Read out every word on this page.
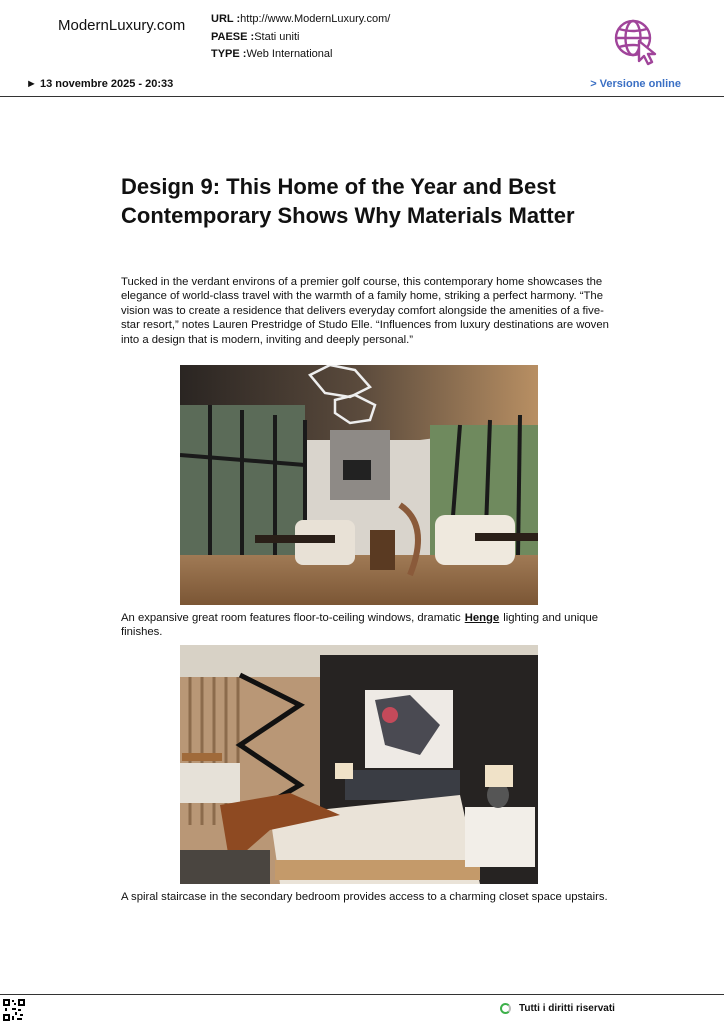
ModernLuxury.com URL :http://www.ModernLuxury.com/
PAESE :Stati uniti
TYPE :Web International
► 13 novembre 2025 - 20:33	> Versione online
Design 9: This Home of the Year and Best Contemporary Shows Why Materials Matter

Tucked in the verdant environs of a premier golf course, this contemporary home showcases the elegance of world-class travel with the warmth of a family home, striking a perfect harmony. “The vision was to create a residence that delivers everyday comfort alongside the amenities of a five-star resort,” notes Lauren Prestridge of Studo Elle. “Influences from luxury destinations are woven into a design that is modern, inviting and deeply personal.”

An expansive great room features floor-to-ceiling windows, dramatic Henge lighting and unique finishes.

A spiral staircase in the secondary bedroom provides access to a charming closet space upstairs.

Tutti i diritti riservati
